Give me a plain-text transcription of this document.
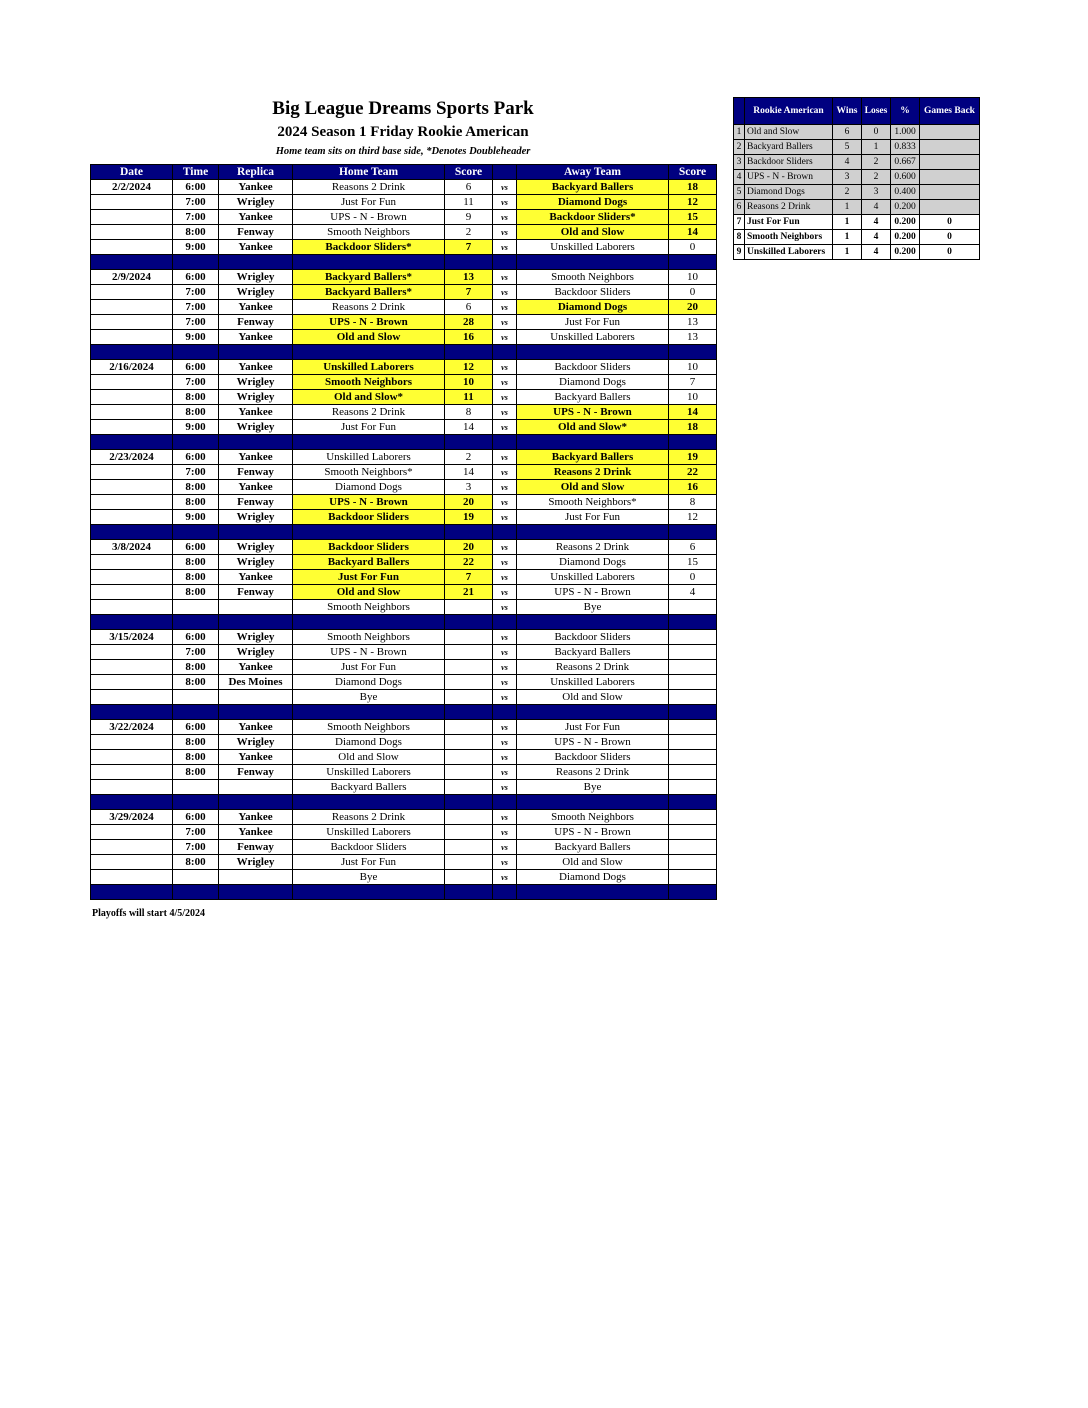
Big League Dreams Sports Park
2024 Season 1 Friday Rookie American
Home team sits on third base side, *Denotes Doubleheader
Date	Time	Replica	Home Team	Score		Away Team	Score
2/2/2024	6:00	Yankee	Reasons 2 Drink	6	vs	Backyard Ballers	18
	7:00	Wrigley	Just For Fun	11	vs	Diamond Dogs	12
	7:00	Yankee	UPS - N - Brown	9	vs	Backdoor Sliders*	15
	8:00	Fenway	Smooth Neighbors	2	vs	Old and Slow	14
	9:00	Yankee	Backdoor Sliders*	7	vs	Unskilled Laborers	0

2/9/2024	6:00	Wrigley	Backyard Ballers*	13	vs	Smooth Neighbors	10
	7:00	Wrigley	Backyard Ballers*	7	vs	Backdoor Sliders	0
	7:00	Yankee	Reasons 2 Drink	6	vs	Diamond Dogs	20
	7:00	Fenway	UPS - N - Brown	28	vs	Just For Fun	13
	9:00	Yankee	Old and Slow	16	vs	Unskilled Laborers	13

2/16/2024	6:00	Yankee	Unskilled Laborers	12	vs	Backdoor Sliders	10
	7:00	Wrigley	Smooth Neighbors	10	vs	Diamond Dogs	7
	8:00	Wrigley	Old and Slow*	11	vs	Backyard Ballers	10
	8:00	Yankee	Reasons 2 Drink	8	vs	UPS - N - Brown	14
	9:00	Wrigley	Just For Fun	14	vs	Old and Slow*	18

2/23/2024	6:00	Yankee	Unskilled Laborers	2	vs	Backyard Ballers	19
	7:00	Fenway	Smooth Neighbors*	14	vs	Reasons 2 Drink	22
	8:00	Yankee	Diamond Dogs	3	vs	Old and Slow	16
	8:00	Fenway	UPS - N - Brown	20	vs	Smooth Neighbors*	8
	9:00	Wrigley	Backdoor Sliders	19	vs	Just For Fun	12

3/8/2024	6:00	Wrigley	Backdoor Sliders	20	vs	Reasons 2 Drink	6
	8:00	Wrigley	Backyard Ballers	22	vs	Diamond Dogs	15
	8:00	Yankee	Just For Fun	7	vs	Unskilled Laborers	0
	8:00	Fenway	Old and Slow	21	vs	UPS - N - Brown	4
			Smooth Neighbors		vs	Bye	

3/15/2024	6:00	Wrigley	Smooth Neighbors		vs	Backdoor Sliders	
	7:00	Wrigley	UPS - N - Brown		vs	Backyard Ballers	
	8:00	Yankee	Just For Fun		vs	Reasons 2 Drink	
	8:00	Des Moines	Diamond Dogs		vs	Unskilled Laborers	
			Bye		vs	Old and Slow	

3/22/2024	6:00	Yankee	Smooth Neighbors		vs	Just For Fun	
	8:00	Wrigley	Diamond Dogs		vs	UPS - N - Brown	
	8:00	Yankee	Old and Slow		vs	Backdoor Sliders	
	8:00	Fenway	Unskilled Laborers		vs	Reasons 2 Drink	
			Backyard Ballers		vs	Bye	

3/29/2024	6:00	Yankee	Reasons 2 Drink		vs	Smooth Neighbors	
	7:00	Yankee	Unskilled Laborers		vs	UPS - N - Brown	
	7:00	Fenway	Backdoor Sliders		vs	Backyard Ballers	
	8:00	Wrigley	Just For Fun		vs	Old and Slow	
			Bye		vs	Diamond Dogs	

Playoffs will start 4/5/2024
	Rookie American	Wins	Loses	%	Games Back
1	Old and Slow	6	0	1.000	
2	Backyard Ballers	5	1	0.833	
3	Backdoor Sliders	4	2	0.667	
4	UPS - N - Brown	3	2	0.600	
5	Diamond Dogs	2	3	0.400	
6	Reasons 2 Drink	1	4	0.200	
7	Just For Fun	1	4	0.200	0
8	Smooth Neighbors	1	4	0.200	0
9	Unskilled Laborers	1	4	0.200	0
